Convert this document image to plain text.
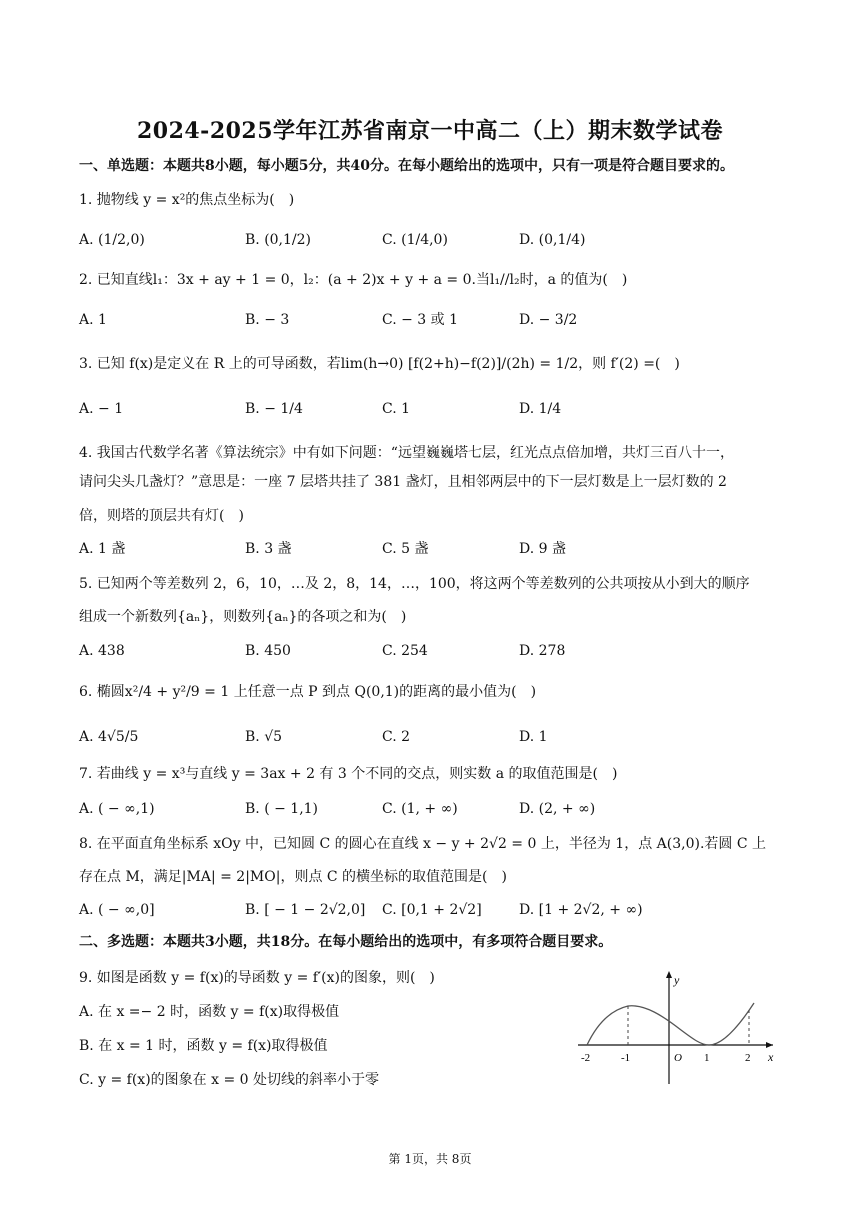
2024-2025学年江苏省南京一中高二（上）期末数学试卷
一、单选题：本题共8小题，每小题5分，共40分。在每小题给出的选项中，只有一项是符合题目要求的。
1. 抛物线 y = x²的焦点坐标为(　)
A. (1/2,0)	B. (0,1/2)	C. (1/4,0)	D. (0,1/4)
2. 已知直线l₁：3x + ay + 1 = 0，l₂：(a + 2)x + y + a = 0.当l₁//l₂时，a 的值为(　)
A. 1	B. − 3	C. − 3 或 1	D. − 3/2
3. 已知 f(x)是定义在 R 上的可导函数，若lim(h→0) [f(2+h)−f(2)]/(2h) = 1/2，则 f′(2) =(　)
A. − 1	B. − 1/4	C. 1	D. 1/4
4. 我国古代数学名著《算法统宗》中有如下问题：“远望巍巍塔七层，红光点点倍加增，共灯三百八十一，
请问尖头几盏灯？”意思是：一座 7 层塔共挂了 381 盏灯，且相邻两层中的下一层灯数是上一层灯数的 2
倍，则塔的顶层共有灯(　)
A. 1 盏	B. 3 盏	C. 5 盏	D. 9 盏
5. 已知两个等差数列 2，6，10，…及 2，8，14，…，100，将这两个等差数列的公共项按从小到大的顺序
组成一个新数列{aₙ}，则数列{aₙ}的各项之和为(　)
A. 438	B. 450	C. 254	D. 278
6. 椭圆x²/4 + y²/9 = 1 上任意一点 P 到点 Q(0,1)的距离的最小值为(　)
A. 4√5/5	B. √5	C. 2	D. 1
7. 若曲线 y = x³与直线 y = 3ax + 2 有 3 个不同的交点，则实数 a 的取值范围是(　)
A. ( − ∞,1)	B. ( − 1,1)	C. (1, + ∞)	D. (2, + ∞)
8. 在平面直角坐标系 xOy 中，已知圆 C 的圆心在直线 x − y + 2√2 = 0 上，半径为 1，点 A(3,0).若圆 C 上
存在点 M，满足|MA| = 2|MO|，则点 C 的横坐标的取值范围是(　)
A. ( − ∞,0]	B. [ − 1 − 2√2,0] C. [0,1 + 2√2]	D. [1 + 2√2, + ∞)
二、多选题：本题共3小题，共18分。在每小题给出的选项中，有多项符合题目要求。
9. 如图是函数 y = f(x)的导函数 y = f′(x)的图象，则(　)
A. 在 x =− 2 时，函数 y = f(x)取得极值
B. 在 x = 1 时，函数 y = f(x)取得极值
C. y = f(x)的图象在 x = 0 处切线的斜率小于零
y
x
-2	-1	O 1	2
第 1页，共 8页
